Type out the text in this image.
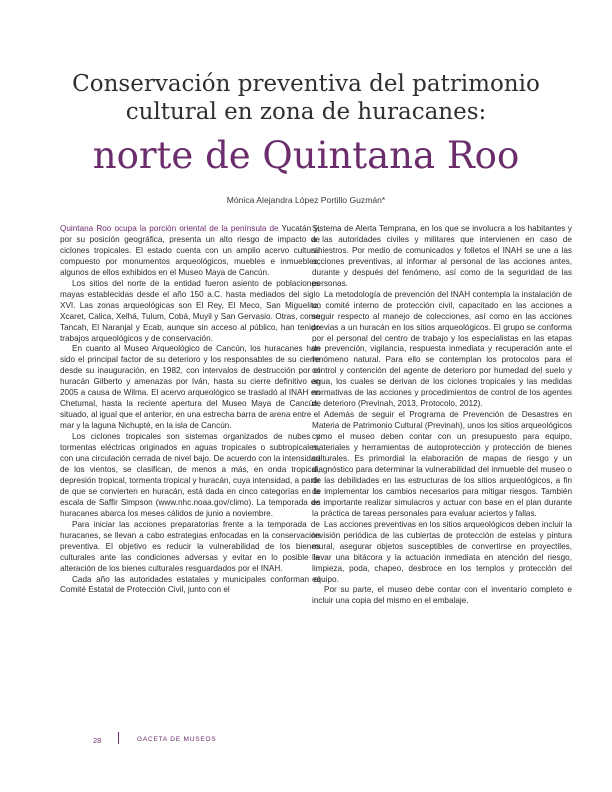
Conservación preventiva del patrimonio
cultural en zona de huracanes:
norte de Quintana Roo
Mónica Alejandra López Portillo Guzmán*

Quintana Roo ocupa la porción oriental de la península de Yucatán y, por su posición geográfica, presenta un alto riesgo de impacto de ciclones tropicales. El estado cuenta con un amplio acervo cultural compuesto por monumentos arqueológicos, muebles e inmuebles, algunos de ellos exhibidos en el Museo Maya de Cancún.

Los sitios del norte de la entidad fueron asiento de poblaciones mayas establecidas desde el año 150 a.C. hasta mediados del siglo XVI. Las zonas arqueológicas son El Rey, El Meco, San Miguelito, Xcaret, Calica, Xelhá, Tulum, Cobá, Muyil y San Gervasio. Otras, como Tancah, El Naranjal y Ecab, aunque sin acceso al público, han tenido trabajos arqueológicos y de conservación.

En cuanto al Museo Arqueológico de Cancún, los huracanes han sido el principal factor de su deterioro y los responsables de su cierre desde su inauguración, en 1982, con intervalos de destrucción por el huracán Gilberto y amenazas por Iván, hasta su cierre definitivo en 2005 a causa de Wilma. El acervo arqueológico se trasladó al INAH en Chetumal, hasta la reciente apertura del Museo Maya de Cancún, situado, al igual que el anterior, en una estrecha barra de arena entre el mar y la laguna Nichupté, en la isla de Cancún.

Los ciclones tropicales son sistemas organizados de nubes y tormentas eléctricas originados en aguas tropicales o subtropicales, con una circulación cerrada de nivel bajo. De acuerdo con la intensidad de los vientos, se clasifican, de menos a más, en onda tropical, depresión tropical, tormenta tropical y huracán, cuya intensidad, a partir de que se convierten en huracán, está dada en cinco categorías en la escala de Saffir Simpson (www.nhc.noaa.gov/climo). La temporada de huracanes abarca los meses cálidos de junio a noviembre.

Para iniciar las acciones preparatorias frente a la temporada de huracanes, se llevan a cabo estrategias enfocadas en la conservación preventiva. El objetivo es reducir la vulnerabilidad de los bienes culturales ante las condiciones adversas y evitar en lo posible la alteración de los bienes culturales resguardados por el INAH.

Cada año las autoridades estatales y municipales conforman el Comité Estatal de Protección Civil, junto con el

Sistema de Alerta Temprana, en los que se involucra a los habitantes y a las autoridades civiles y militares que intervienen en caso de siniestros. Por medio de comunicados y folletos el INAH se une a las acciones preventivas, al informar al personal de las acciones antes, durante y después del fenómeno, así como de la seguridad de las personas.

La metodología de prevención del INAH contempla la instalación de un comité interno de protección civil, capacitado en las acciones a seguir respecto al manejo de colecciones, así como en las acciones previas a un huracán en los sitios arqueológicos. El grupo se conforma por el personal del centro de trabajo y los especialistas en las etapas de prevención, vigilancia, respuesta inmediata y recuperación ante el fenómeno natural. Para ello se contemplan los protocolos para el control y contención del agente de deterioro por humedad del suelo y agua, los cuales se derivan de los ciclones tropicales y las medidas normativas de las acciones y procedimientos de control de los agentes de deterioro (Previnah, 2013, Protocolo, 2012).

Además de seguir el Programa de Prevención de Desastres en Materia de Patrimonio Cultural (Previnah), unos los sitios arqueológicos como el museo deben contar con un presupuesto para equipo, materiales y herramientas de autoprotección y protección de bienes culturales. Es primordial la elaboración de mapas de riesgo y un diagnóstico para determinar la vulnerabilidad del inmueble del museo o de las debilidades en las estructuras de los sitios arqueológicos, a fin de implementar los cambios necesarios para mitigar riesgos. También es importante realizar simulacros y actuar con base en el plan durante la práctica de tareas personales para evaluar aciertos y fallas.

Las acciones preventivas en los sitios arqueológicos deben incluir la revisión periódica de las cubiertas de protección de estelas y pintura mural, asegurar objetos susceptibles de convertirse en proyectiles, llevar una bitácora y la actuación inmediata en atención del riesgo, limpieza, poda, chapeo, desbroce en los templos y protección del equipo.

Por su parte, el museo debe contar con el inventario completo e incluir una copia del mismo en el embalaje.

28	GACETA DE MUSEOS
